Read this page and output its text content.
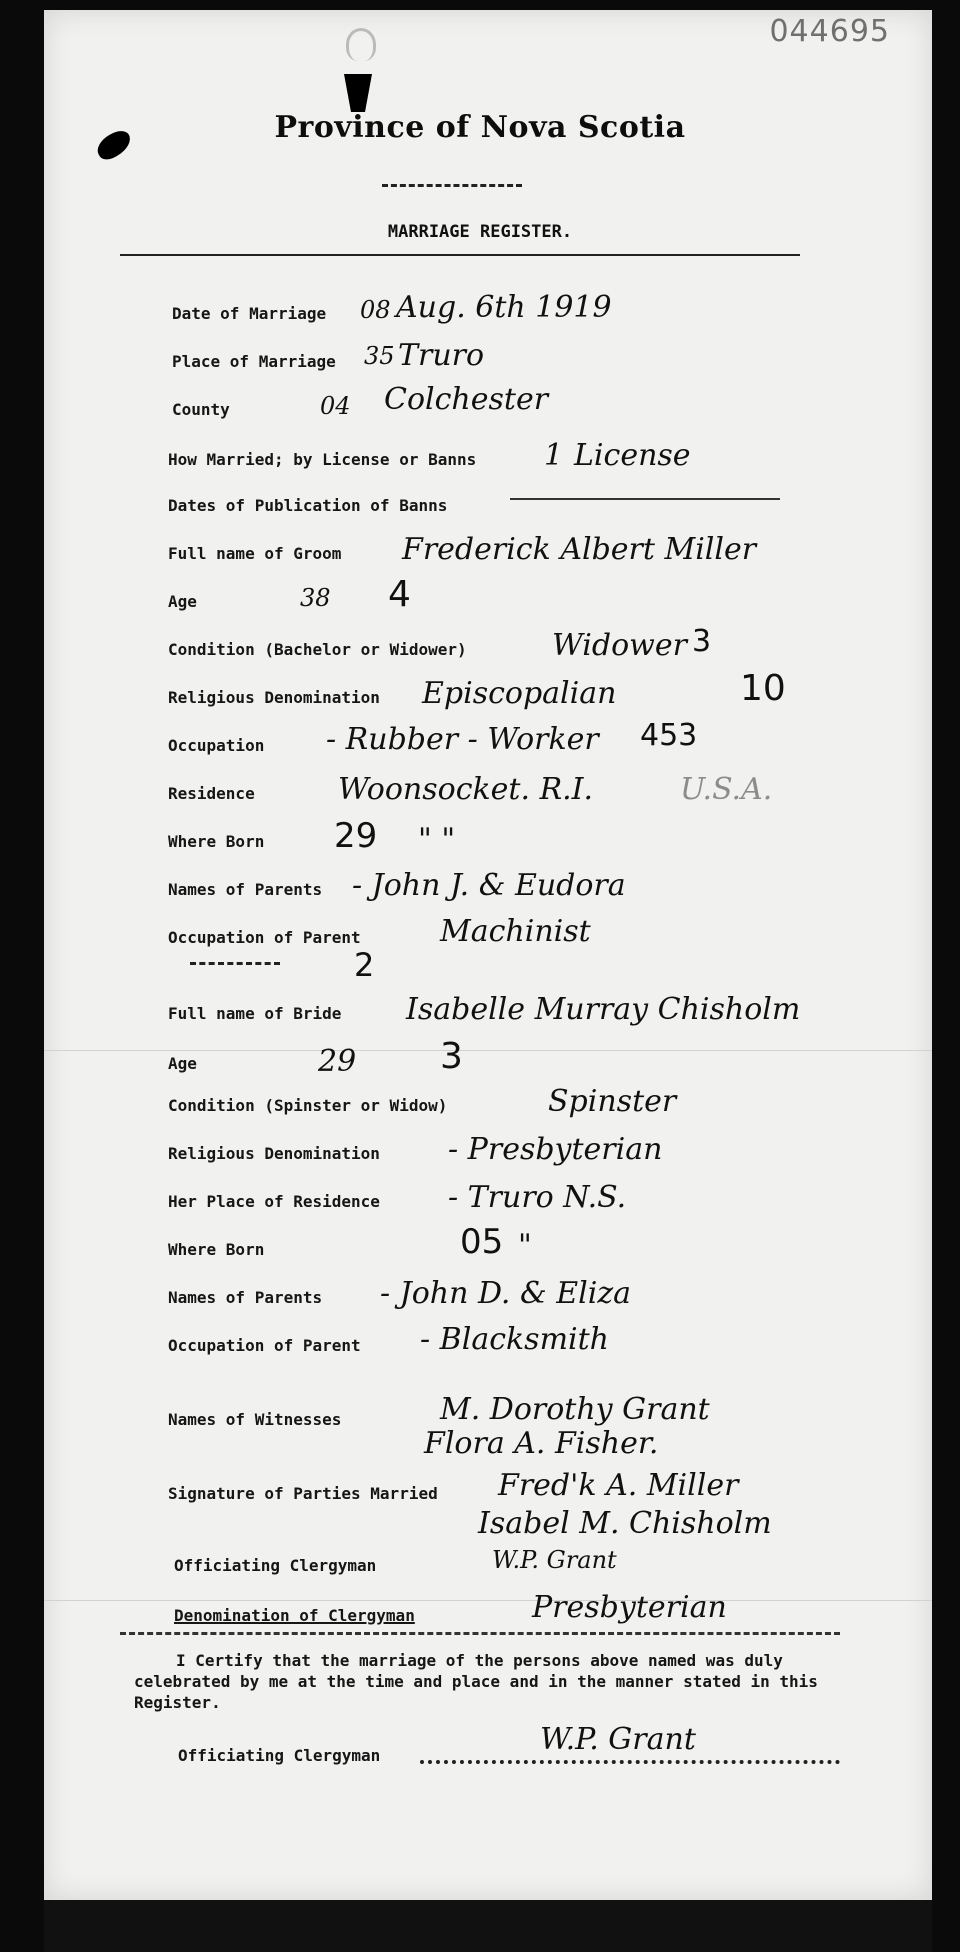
044695
Province of Nova Scotia
MARRIAGE REGISTER.
Date of Marriage 08 Aug. 6th 1919
Place of Marriage 35 Truro
County	04 Colchester
How Married; by License or Banns 1 License
Dates of Publication of Banns
Full name of Groom Frederick Albert Miller
Age	38 4
Condition (Bachelor or Widower)	Widower 3
Religious Denomination Episcopalian	10
Occupation - Rubber - Worker 453
Residence	Woonsocket. R.I.	U.S.A.
Where Born 29 " "
Names of Parents - John J. & Eudora
Occupation of Parent	Machinist
2
Full name of Bride Isabelle Murray Chisholm
Age	29 3
Condition (Spinster or Widow)	Spinster
Religious Denomination - Presbyterian
Her Place of Residence - Truro N.S.
Where Born	05 "
Names of Parents - John D. & Eliza
Occupation of Parent - Blacksmith
Names of Witnesses	M. Dorothy Grant
Flora A. Fisher.
Signature of Parties Married Fred'k A. Miller
Isabel M. Chisholm
Officiating Clergyman	W.P. Grant
Denomination of Clergyman	Presbyterian
I Certify that the marriage of the persons above named was duly celebrated by me at the time and place and in the manner stated in this Register.
Officiating Clergyman	W.P. Grant
